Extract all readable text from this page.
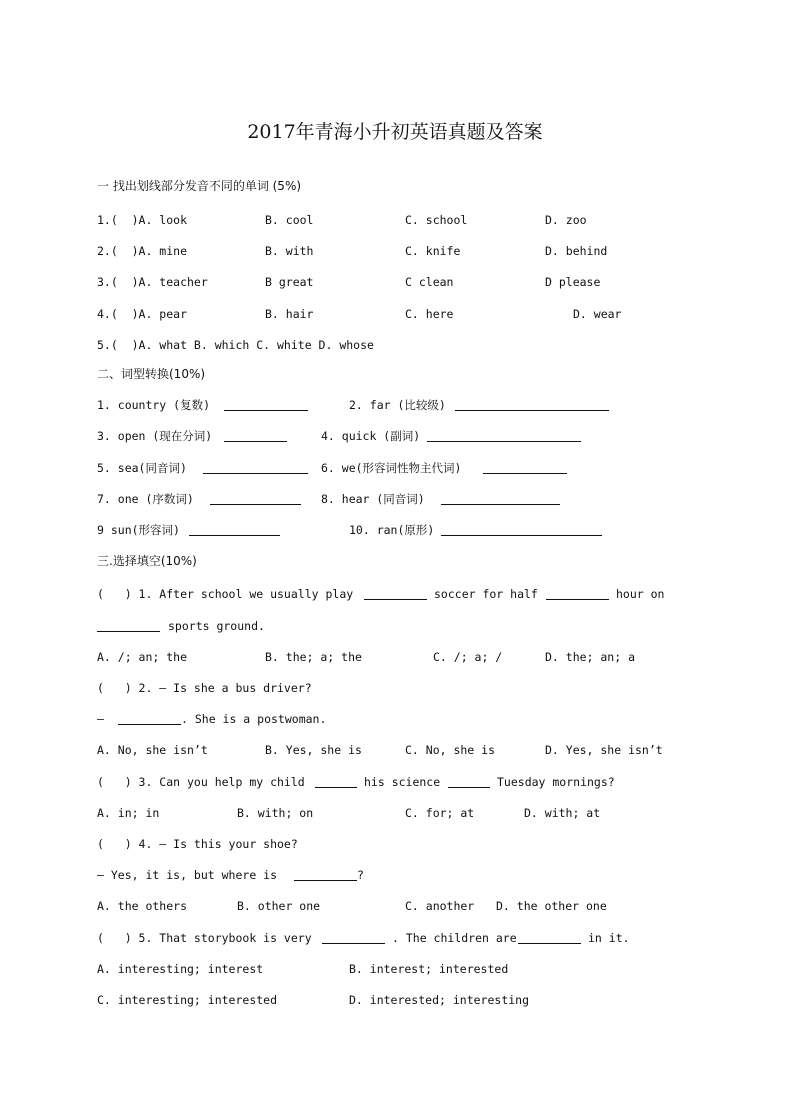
2017年青海小升初英语真题及答案
一 找出划线部分发音不同的单词 (5%)
1.(  )A. look	B. cool	C. school	D. zoo
2.(  )A. mine	B. with	C. knife	D. behind
3.(  )A. teacher	B great	C clean	D please
4.(  )A. pear	B. hair	C. here	D. wear
5.(  )A. what B. which C. white D. whose
二、词型转换(10%)
1. country (复数)	2. far (比较级)
3. open (现在分词)	4. quick (副词)
5. sea(同音词)	6. we(形容词性物主代词)
7. one (序数词)	8. hear (同音词)
9 sun(形容词)	10. ran(原形)
三.选择填空(10%)
(   ) 1. After school we usually play	soccer for half	hour on
sports ground.
A. /; an; the	B. the; a; the	C. /; a; /	D. the; an; a
(   ) 2. — Is she a bus driver?
—	. She is a postwoman.
A. No, she isn’t	B. Yes, she is	C. No, she is	D. Yes, she isn’t
(   ) 3. Can you help my child	his science	Tuesday mornings?
A. in; in	B. with; on	C. for; at	D. with; at
(   ) 4. — Is this your shoe?
— Yes, it is, but where is	?
A. the others	B. other one	C. another D. the other one
(   ) 5. That storybook is very	. The children are	in it.
A. interesting; interest	B. interest; interested
C. interesting; interested	D. interested; interesting
